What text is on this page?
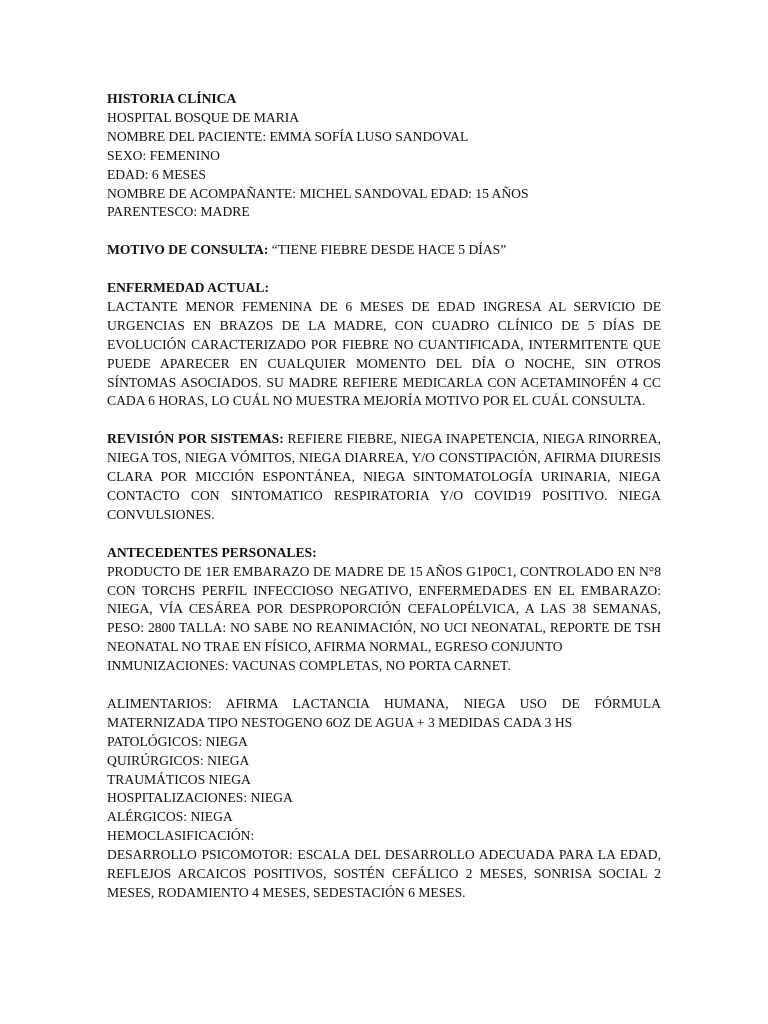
HISTORIA CLÍNICA
HOSPITAL BOSQUE DE MARIA
NOMBRE DEL PACIENTE: EMMA SOFÍA LUSO SANDOVAL
SEXO: FEMENINO
EDAD: 6 MESES
NOMBRE DE ACOMPAÑANTE: MICHEL SANDOVAL EDAD: 15 AÑOS
PARENTESCO: MADRE
MOTIVO DE CONSULTA: “TIENE FIEBRE DESDE HACE 5 DÍAS”
ENFERMEDAD ACTUAL:
LACTANTE MENOR FEMENINA DE 6 MESES DE EDAD INGRESA AL SERVICIO DE URGENCIAS EN BRAZOS DE LA MADRE, CON CUADRO CLÍNICO DE 5 DÍAS DE EVOLUCIÓN CARACTERIZADO POR FIEBRE NO CUANTIFICADA, INTERMITENTE QUE PUEDE APARECER EN CUALQUIER MOMENTO DEL DÍA O NOCHE, SIN OTROS SÍNTOMAS ASOCIADOS. SU MADRE REFIERE MEDICARLA CON ACETAMINOFÉN 4 CC CADA 6 HORAS, LO CUÁL NO MUESTRA MEJORÍA MOTIVO POR EL CUÁL CONSULTA.
REVISIÓN POR SISTEMAS: REFIERE FIEBRE, NIEGA INAPETENCIA, NIEGA RINORREA, NIEGA TOS, NIEGA VÓMITOS, NIEGA DIARREA, Y/O CONSTIPACIÓN, AFIRMA DIURESIS CLARA POR MICCIÓN ESPONTÁNEA, NIEGA SINTOMATOLOGÍA URINARIA, NIEGA CONTACTO CON SINTOMATICO RESPIRATORIA Y/O COVID19 POSITIVO. NIEGA CONVULSIONES.
ANTECEDENTES PERSONALES:
PRODUCTO DE 1ER EMBARAZO DE MADRE DE 15 AÑOS G1P0C1, CONTROLADO EN N°8 CON TORCHS PERFIL INFECCIOSO NEGATIVO, ENFERMEDADES EN EL EMBARAZO: NIEGA, VÍA CESÁREA POR DESPROPORCIÓN CEFALOPÉLVICA, A LAS 38 SEMANAS, PESO: 2800 TALLA: NO SABE NO REANIMACIÓN, NO UCI NEONATAL, REPORTE DE TSH NEONATAL NO TRAE EN FÍSICO, AFIRMA NORMAL, EGRESO CONJUNTO
INMUNIZACIONES: VACUNAS COMPLETAS, NO PORTA CARNET.
ALIMENTARIOS: AFIRMA LACTANCIA HUMANA, NIEGA USO DE FÓRMULA MATERNIZADA TIPO NESTOGENO 6OZ DE AGUA + 3 MEDIDAS CADA 3 HS
PATOLÓGICOS: NIEGA
QUIRÚRGICOS: NIEGA
TRAUMÁTICOS NIEGA
HOSPITALIZACIONES: NIEGA
ALÉRGICOS: NIEGA
HEMOCLASIFICACIÓN:
DESARROLLO PSICOMOTOR: ESCALA DEL DESARROLLO ADECUADA PARA LA EDAD, REFLEJOS ARCAICOS POSITIVOS, SOSTÉN CEFÁLICO 2 MESES, SONRISA SOCIAL 2 MESES, RODAMIENTO 4 MESES, SEDESTACIÓN 6 MESES.
